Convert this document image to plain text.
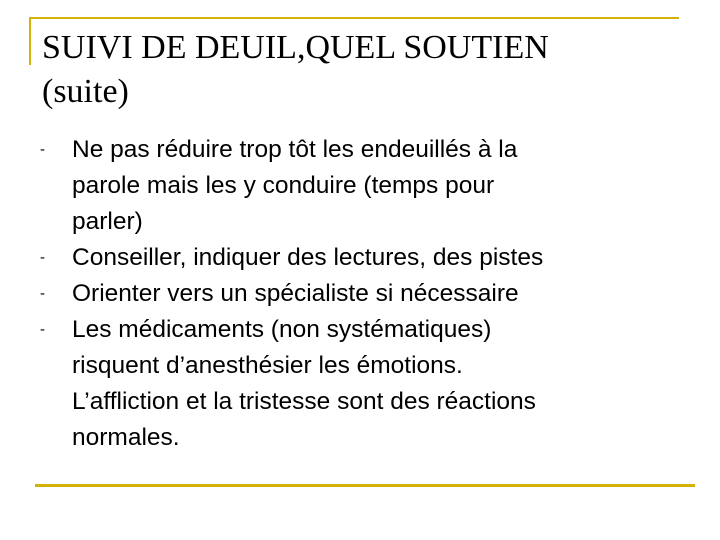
SUIVI DE DEUIL,QUEL SOUTIEN
(suite)
- Ne pas réduire trop tôt les endeuillés à la
parole mais les y conduire (temps pour
parler)
- Conseiller, indiquer des lectures, des pistes
- Orienter vers un spécialiste si nécessaire
- Les médicaments (non systématiques)
risquent d’anesthésier les émotions.
L’affliction et la tristesse sont des réactions
normales.
